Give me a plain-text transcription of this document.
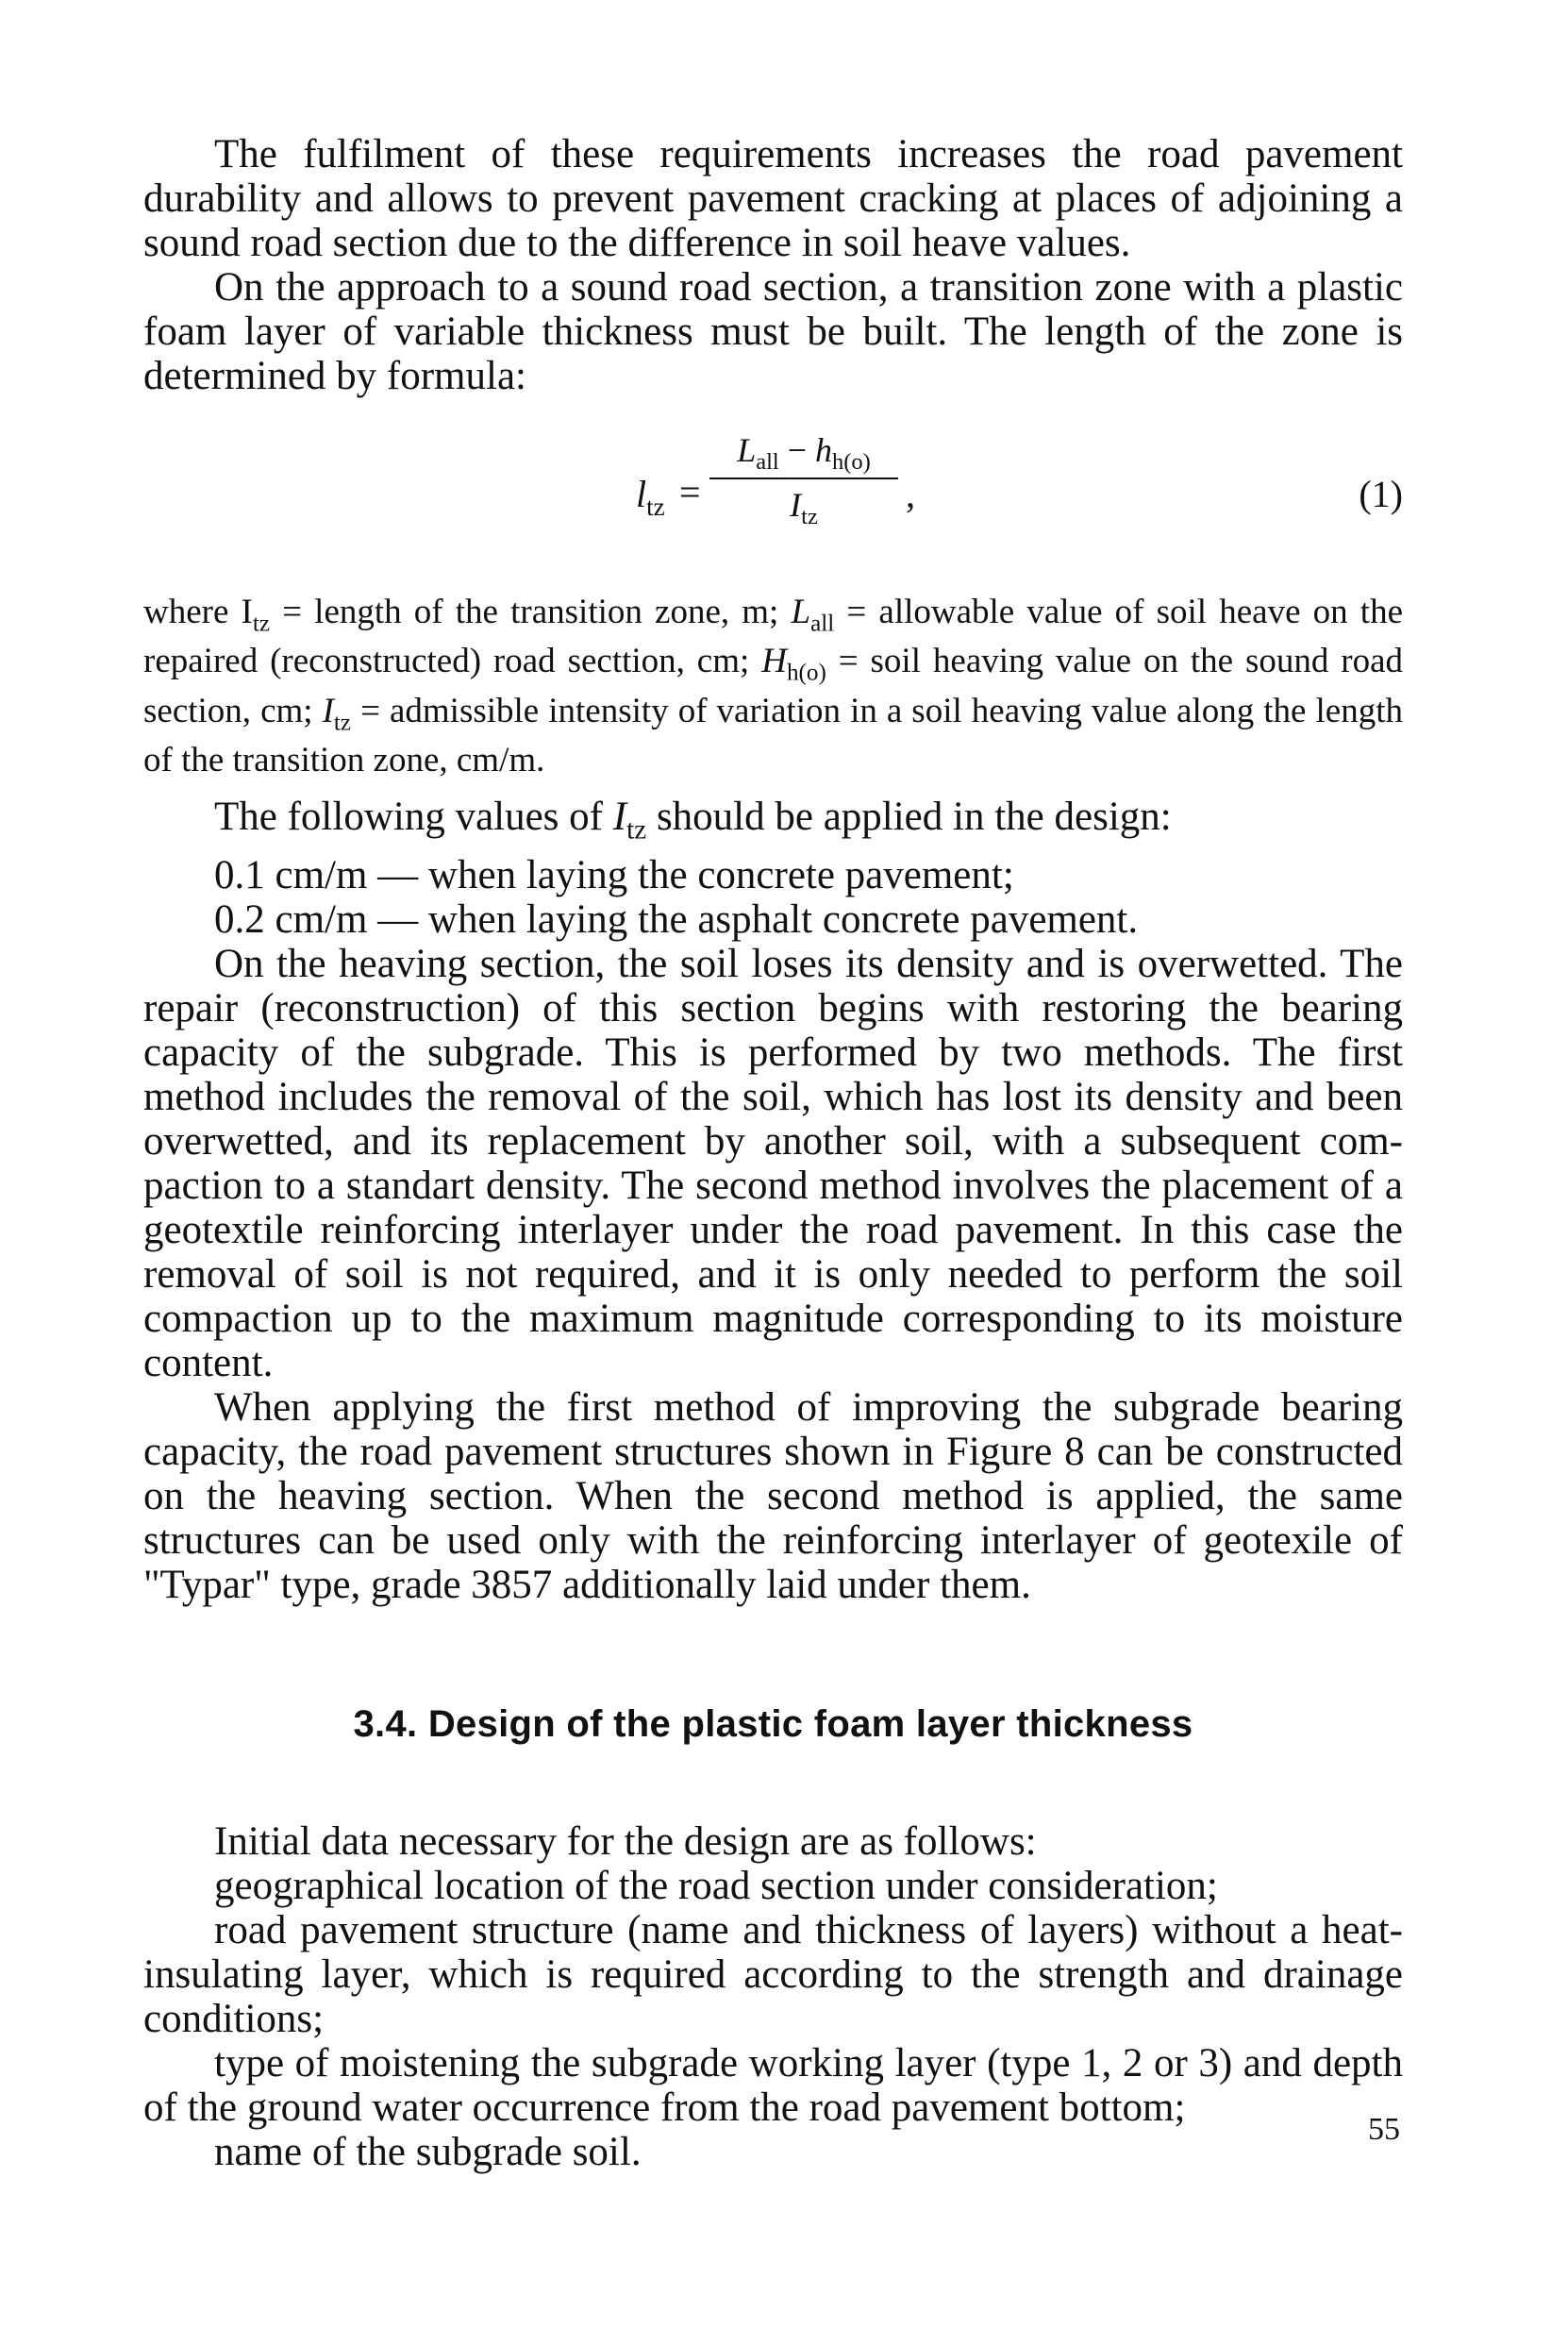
The fulfilment of these requirements increases the road pavement durability and allows to prevent pavement cracking at places of adjoining a sound road section due to the difference in soil heave values.

On the approach to a sound road section, a transition zone with a plastic foam layer of variable thickness must be built. The length of the zone is determined by formula:

$l_{tz}$ =
$L_{all} - h_{h(o)}$
$I_{tz}$
,	(1)

where $I_{tz}$ = length of the transition zone, m; $L_{all}$ = allowable value of soil heave on the repaired (reconstructed) road secttion, cm; $H_{h(o)}$ = soil heaving value on the sound road section, cm; $I_{tz}$ = admissible intensity of variation in a soil heaving value along the length of the transition zone, cm/m.

The following values of $I_{tz}$ should be applied in the design:

0.1 cm/m — when laying the concrete pavement;

0.2 cm/m — when laying the asphalt concrete pavement.

On the heaving section, the soil loses its density and is overwetted. The repair (reconstruction) of this section begins with restoring the bearing capacity of the subgrade. This is performed by two methods. The first method includes the removal of the soil, which has lost its density and been overwetted, and its replacement by another soil, with a subsequent compaction to a standart density. The second method involves the placement of a geotextile reinforcing interlayer under the road pavement. In this case the removal of soil is not required, and it is only needed to perform the soil compaction up to the maximum magnitude corresponding to its moisture content.

When applying the first method of improving the subgrade bearing capacity, the road pavement structures shown in Figure 8 can be constructed on the heaving section. When the second method is applied, the same structures can be used only with the reinforcing interlayer of geotexile of "Typar" type, grade 3857 additionally laid under them.

3.4. Design of the plastic foam layer thickness

Initial data necessary for the design are as follows:

geographical location of the road section under consideration;

road pavement structure (name and thickness of layers) without a heat-insulating layer, which is required according to the strength and drainage conditions;

type of moistening the subgrade working layer (type 1, 2 or 3) and depth of the ground water occurrence from the road pavement bottom;

name of the subgrade soil.

55
